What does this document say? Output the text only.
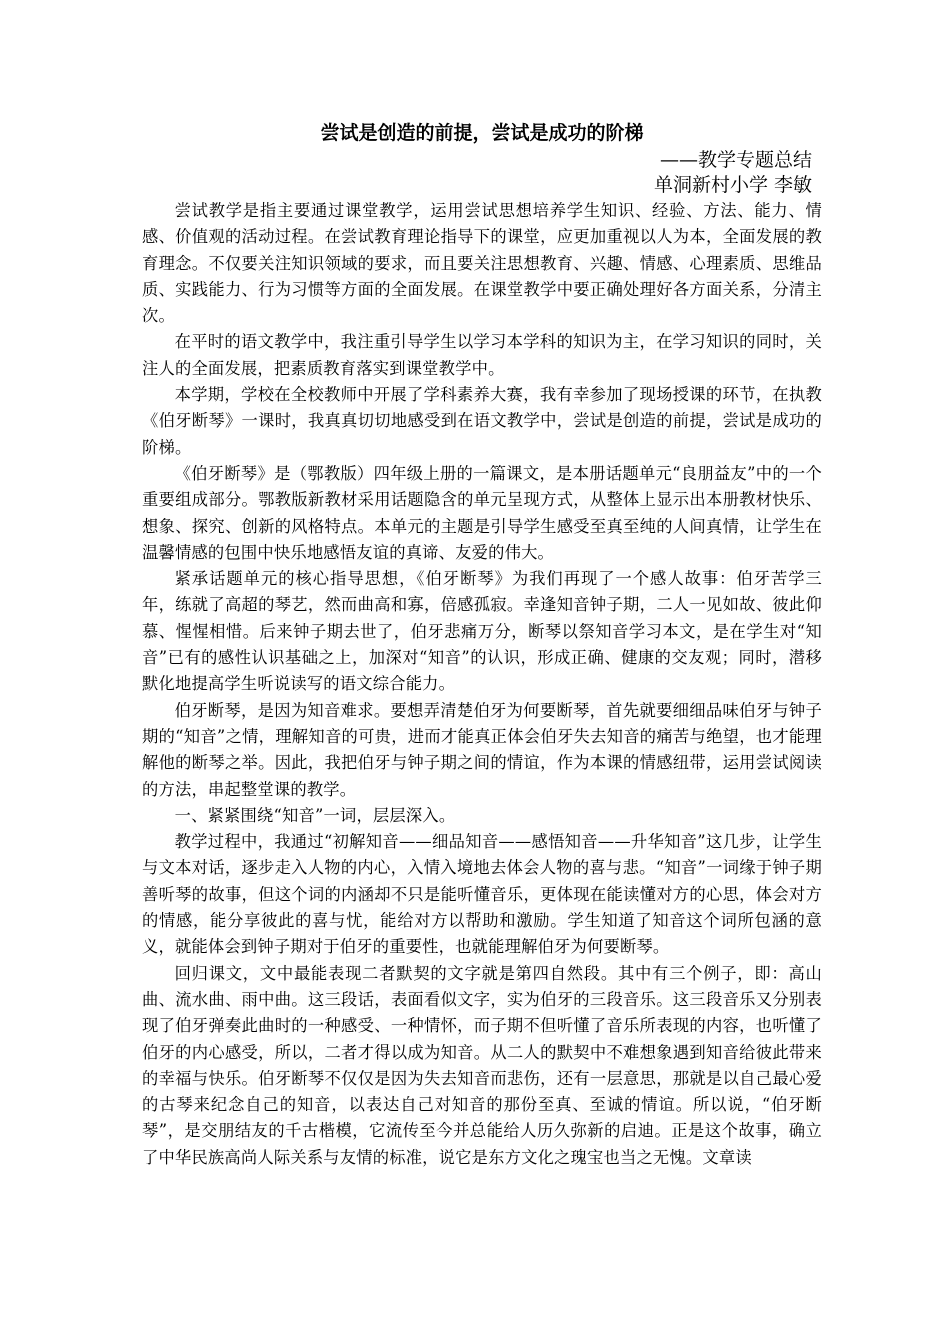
尝试是创造的前提，尝试是成功的阶梯
——教学专题总结
单洞新村小学 李敏

尝试教学是指主要通过课堂教学，运用尝试思想培养学生知识、经验、方法、能力、情感、价值观的活动过程。在尝试教育理论指导下的课堂，应更加重视以人为本，全面发展的教育理念。不仅要关注知识领域的要求，而且要关注思想教育、兴趣、情感、心理素质、思维品质、实践能力、行为习惯等方面的全面发展。在课堂教学中要正确处理好各方面关系，分清主次。

在平时的语文教学中，我注重引导学生以学习本学科的知识为主，在学习知识的同时，关注人的全面发展，把素质教育落实到课堂教学中。

本学期，学校在全校教师中开展了学科素养大赛，我有幸参加了现场授课的环节，在执教《伯牙断琴》一课时，我真真切切地感受到在语文教学中，尝试是创造的前提，尝试是成功的阶梯。

《伯牙断琴》是（鄂教版）四年级上册的一篇课文，是本册话题单元“良朋益友”中的一个重要组成部分。鄂教版新教材采用话题隐含的单元呈现方式，从整体上显示出本册教材快乐、想象、探究、创新的风格特点。本单元的主题是引导学生感受至真至纯的人间真情，让学生在温馨情感的包围中快乐地感悟友谊的真谛、友爱的伟大。

紧承话题单元的核心指导思想，《伯牙断琴》为我们再现了一个感人故事：伯牙苦学三年，练就了高超的琴艺，然而曲高和寡，倍感孤寂。幸逢知音钟子期，二人一见如故、彼此仰慕、惺惺相惜。后来钟子期去世了，伯牙悲痛万分，断琴以祭知音学习本文，是在学生对“知音”已有的感性认识基础之上，加深对“知音”的认识，形成正确、健康的交友观；同时，潜移默化地提高学生听说读写的语文综合能力。

伯牙断琴，是因为知音难求。要想弄清楚伯牙为何要断琴，首先就要细细品味伯牙与钟子期的“知音”之情，理解知音的可贵，进而才能真正体会伯牙失去知音的痛苦与绝望，也才能理解他的断琴之举。因此，我把伯牙与钟子期之间的情谊，作为本课的情感纽带，运用尝试阅读的方法，串起整堂课的教学。

一、紧紧围绕“知音”一词，层层深入。

教学过程中，我通过“初解知音——细品知音——感悟知音——升华知音”这几步，让学生与文本对话，逐步走入人物的内心，入情入境地去体会人物的喜与悲。“知音”一词缘于钟子期善听琴的故事，但这个词的内涵却不只是能听懂音乐，更体现在能读懂对方的心思，体会对方的情感，能分享彼此的喜与忧，能给对方以帮助和激励。学生知道了知音这个词所包涵的意义，就能体会到钟子期对于伯牙的重要性，也就能理解伯牙为何要断琴。

回归课文，文中最能表现二者默契的文字就是第四自然段。其中有三个例子，即：高山曲、流水曲、雨中曲。这三段话，表面看似文字，实为伯牙的三段音乐。这三段音乐又分别表现了伯牙弹奏此曲时的一种感受、一种情怀，而子期不但听懂了音乐所表现的内容，也听懂了伯牙的内心感受，所以，二者才得以成为知音。从二人的默契中不难想象遇到知音给彼此带来的幸福与快乐。伯牙断琴不仅仅是因为失去知音而悲伤，还有一层意思，那就是以自己最心爱的古琴来纪念自己的知音，以表达自己对知音的那份至真、至诚的情谊。所以说，“伯牙断琴”，是交朋结友的千古楷模，它流传至今并总能给人历久弥新的启迪。正是这个故事，确立了中华民族高尚人际关系与友情的标准，说它是东方文化之瑰宝也当之无愧。文章读
